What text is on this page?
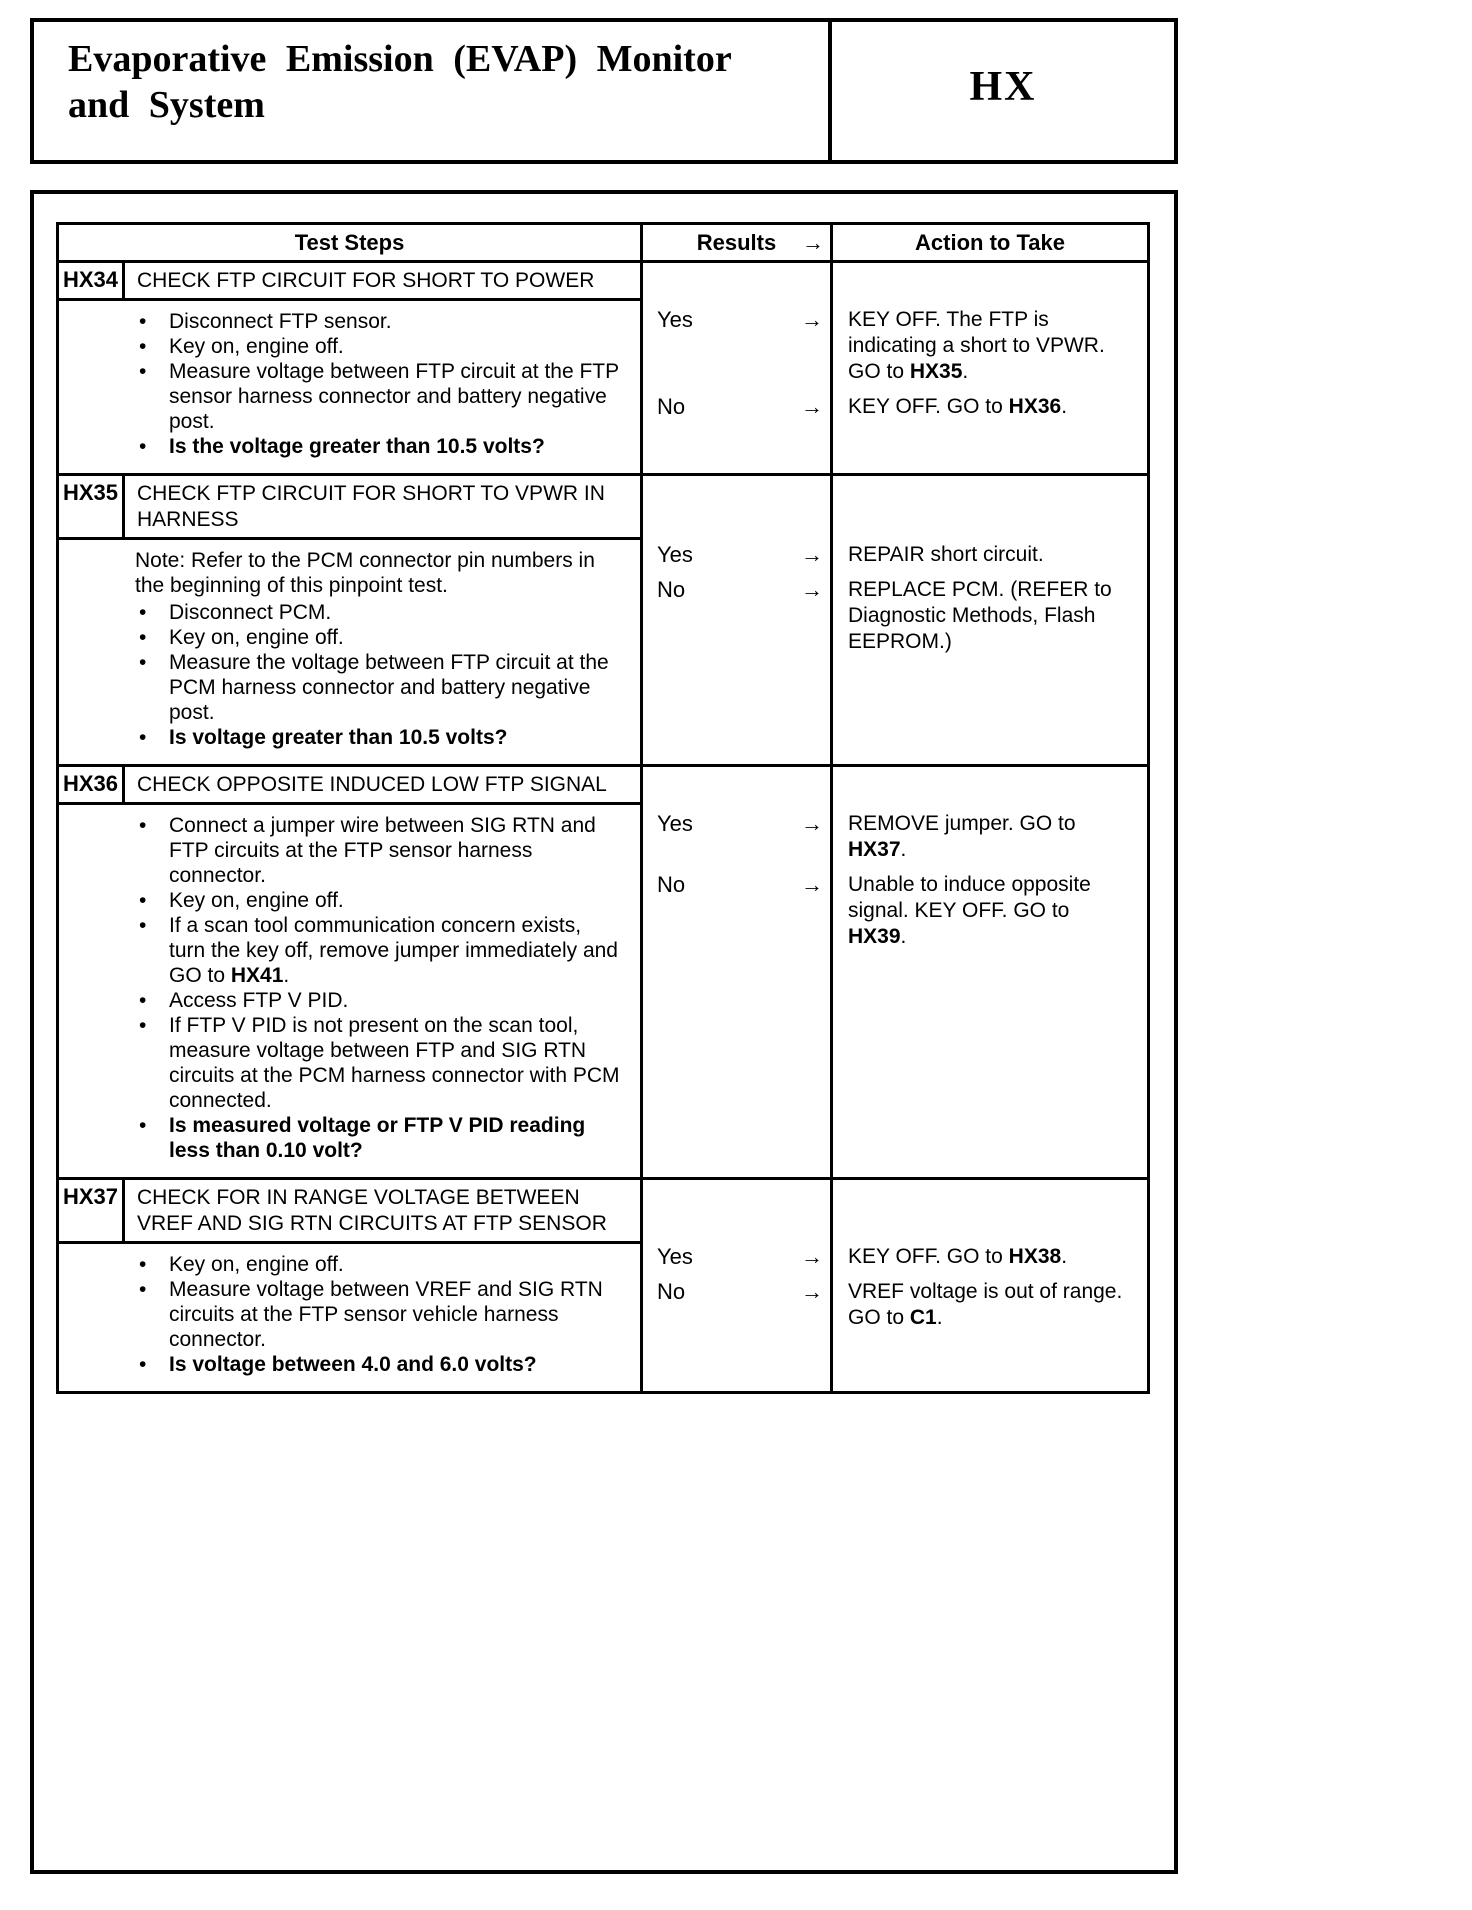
Evaporative Emission (EVAP) Monitor
and System	HX
Test Steps	Results →	Action to Take
HX34 CHECK FTP CIRCUIT FOR SHORT TO POWER
•	Disconnect FTP sensor.
•	Key on, engine off.
•	Measure voltage between FTP circuit at the FTP sensor harness connector and battery negative post.
•	Is the voltage greater than 10.5 volts?
Yes	→	KEY OFF. The FTP is indicating a short to VPWR. GO to HX35.
No	→	KEY OFF. GO to HX36.
HX35 CHECK FTP CIRCUIT FOR SHORT TO VPWR IN HARNESS
Note: Refer to the PCM connector pin numbers in the beginning of this pinpoint test.
•	Disconnect PCM.
•	Key on, engine off.
•	Measure the voltage between FTP circuit at the PCM harness connector and battery negative post.
•	Is voltage greater than 10.5 volts?
Yes	→	REPAIR short circuit.
No	→	REPLACE PCM. (REFER to Diagnostic Methods, Flash EEPROM.)
HX36 CHECK OPPOSITE INDUCED LOW FTP SIGNAL
•	Connect a jumper wire between SIG RTN and FTP circuits at the FTP sensor harness connector.
•	Key on, engine off.
•	If a scan tool communication concern exists, turn the key off, remove jumper immediately and GO to HX41.
•	Access FTP V PID.
•	If FTP V PID is not present on the scan tool, measure voltage between FTP and SIG RTN circuits at the PCM harness connector with PCM connected.
•	Is measured voltage or FTP V PID reading less than 0.10 volt?
Yes	→	REMOVE jumper. GO to HX37.
No	→	Unable to induce opposite signal. KEY OFF. GO to HX39.
HX37 CHECK FOR IN RANGE VOLTAGE BETWEEN VREF AND SIG RTN CIRCUITS AT FTP SENSOR
•	Key on, engine off.
•	Measure voltage between VREF and SIG RTN circuits at the FTP sensor vehicle harness connector.
•	Is voltage between 4.0 and 6.0 volts?
Yes	→	KEY OFF. GO to HX38.
No	→	VREF voltage is out of range. GO to C1.
